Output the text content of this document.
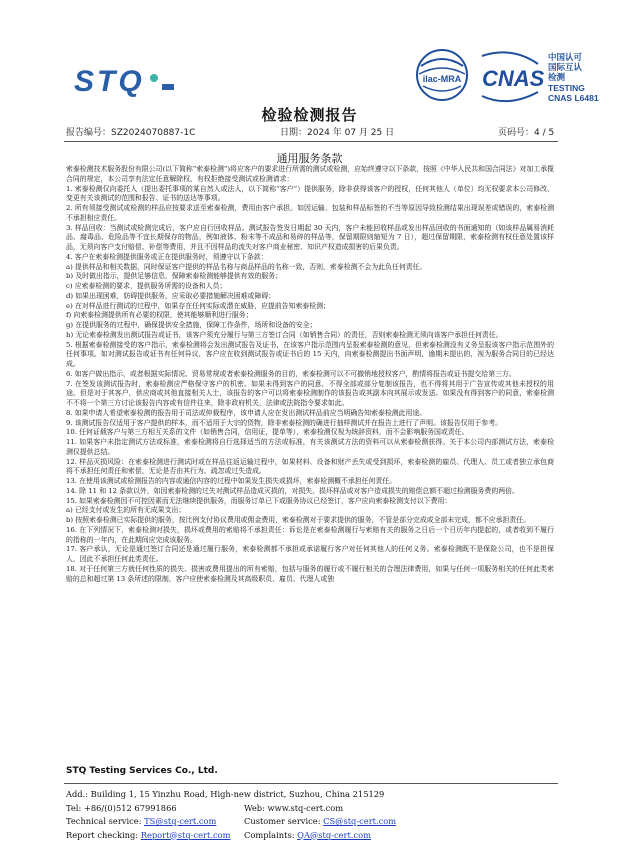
STQ	ilac-MRA CNAS
中国认可
国际互认
检测
TESTING
CNAS L6481
检验检测报告
报告编号：SZ2024070887-1C	日期：2024 年 07 月 25 日	页码号：4 / 5
通用服务条款

索泰检测技术服务股份有限公司(以下简称“索泰检测”)将应客户的要求进行所需的测试或检测，应始终遵守以下条款，按照《中华人民共和国合同法》对加工承揽合同的规定，本公司享有法定任意解除权，有权拒绝接受测试或检测请求：

1. 索泰检测仅向委托人（提出委托事项的某自然人或法人，以下简称“客户”）提供服务，除非获得该客户的授权，任何其他人（单位）均无权要求本公司修改、变更有关该测试的范围和报告、证书的送达等事项。

2. 所有须接受测试或检测的样品应按要求送至索泰检测，费用由客户承担。如因运输、包装和样品标签的不当等原因导致检测结果出现误差或错误的，索泰检测不承担相应责任。

3. 样品回收：当测试或检测完成后，客户应自行回收样品。测试报告签发日期起 30 天内，客户未能回收样品或发出样品回收的书面通知的（如该样品属易消耗品、腐毒品、危险品等不宜长期保存的物品，例如液体、粉末等不成品和易碎的样品等，保留期限则缩短为 7 日），超过保留期限，索泰检测有权任意处置该样品，无须向客户支付赔偿、补偿等费用，并且不因样品的流失对客户商业秘密、知识产权造成损害的后果负责。

4. 客户在索泰检测提供服务或正在提供服务时，须遵守以下条款：

a) 提供样品和相关数据，同时保证客户提供的样品名称与商品样品的名称一致，否则，索泰检测不会为此负任何责任。

b) 及时做出指示，提供足够信息，保障索泰检测能够提供有效的服务；

c) 应索泰检测的要求，提供服务所需的设备和人员；

d) 如果出现困难，妨碍提供服务，应采取必要措施解决困难或障碍；

e) 在对样品进行测试的过程中，如果存在任何实际或潜在威胁，应提前告知索泰检测；

f) 向索泰检测提供所有必要的权限，使其能够顺利进行服务；

g) 在提供服务的过程中，确保提供安全措施，保障工作条件，场所和设备的安全；

h) 无论索泰检测发出测试报告或证书，该客户须充分履行与第三方签订合同（如销售合同）的责任，否则索泰检测无须向该客户承担任何责任。

5. 根据索泰检测接受的客户指示，索泰检测将会发出测试报告及证书，在该客户指示范围内呈报索泰检测的意见，但索泰检测没有义务呈报该客户指示范围外的任何事项。如对测试报告或证书有任何异议，客户应在收到测试报告或证书后的 15 天内，向索泰检测提出书面声明，逾期未提出的，视为服务合同目的已经达成。

6. 如客户做出指示，或者根据实际情况、贸易常规或者索泰检测服务的目的，索泰检测可以不可撤销地授权客户，酌情将报告或证书提交给第三方。

7. 在签发该测试报告时，索泰检测应严格保守客户的机密。如果未得到客户的同意，不得全部或部分复制该报告，也不得将其用于广告宣传或其他未授权的用途。但是对于其客户，供应商或其他直接相关人士，该报告的客户可以将索泰检测制作的该报告或其副本向其展示或发送。如果没有得到客户的同意，索泰检测不不将一个第三方讨论该报告内容或有信件往来，除非政府机关，法律或法院指令要求如此。

8. 如果申请人希望索泰检测的报告用于司法或仲裁程序，该申请人应在发出测试样品前应当明确告知索泰检测此用途。

9. 该测试报告仅适用于客户提供的样本，而不适用于大宗的货物，除非索泰检测的确进行抽样测试并在报告上进行了声明。该报告仅用于参考。

10. 任何证载客户与第三方相互关系的文件（如销售合同，信用证，提单等），索泰检测仅视为统辞资料，而不会影响服务国或责任。

11. 如果客户未指定测试方法或标准，索泰检测将自行选择适当的方法或标准，有关该测试方法的资料可以从索泰检测获得。关于本公司内部测试方法，索泰检测仅提供总结。

12. 样品灭损风险：在索泰检测进行测试时或在样品往返运输过程中，如果材料、设备和财产丢失或受到损坏，索泰检测的雇员、代理人、员工或者独立承包商将不承担任何责任和索偿，无论是否由其行为、疏忽或过失造成。

13. 在使用该测试或检测报告的内容或通信内容的过程中如果发生损失或损坏，索泰检测概不承担任何责任。

14. 除 11 和 12 条款以外，如因索泰检测的过失对测试样品造成灭损的，对损失，损坏样品或对客户造成损失的赔偿总额不超过检测服务费的两倍。

15. 如果索泰检测因不可控因素而无法继续提供服务，而服务订单已下或服务协议已经签订，客户应向索泰检测支付以下费用：

a) 已经支付或发生的所有无成果支出；

b) 按照索泰检测已实际提供的服务，按比例支付协议费用或佣金费用，索泰检测对于要求提供的服务，不管是部分完成或全部未完成，都不应承担责任。

16. 在下列情况下，索泰检测对损失，损坏或费用的索赔将不承担责任：诉讼是在索泰检测履行与索赔有关的服务之日后一个日历年内提起的，或者收到不履行的指称的一年内，在此期间应完成该服务。

17. 客户承认，无论是通过签订合同还是通过履行服务，索泰检测都不承担或承诺履行客户对任何其他人的任何义务。索泰检测既不是保险公司，也不是担保人，因此不承担任何此类责任。

18. 对于任何第三方就任何性质的损失、损害或费用提出的所有索赔，包括与服务的履行或不履行相关的合理法律费用，如果与任何一项服务相关的任何此类索赔的总和超过第 13 条所述的限制，客户应使索泰检测及其高级职员、雇员、代理人或独

STQ Testing Services Co., Ltd.
Add.: Building 1, 15 Yinzhu Road, High-new district, Suzhou, China 215129
Tel: +86/(0)512 67991866	Web: www.stq-cert.com
Technical service: TS@stq-cert.com	Customer service: CS@stq-cert.com
Report checking: Report@stq-cert.com Complaints: QA@stq-cert.com
